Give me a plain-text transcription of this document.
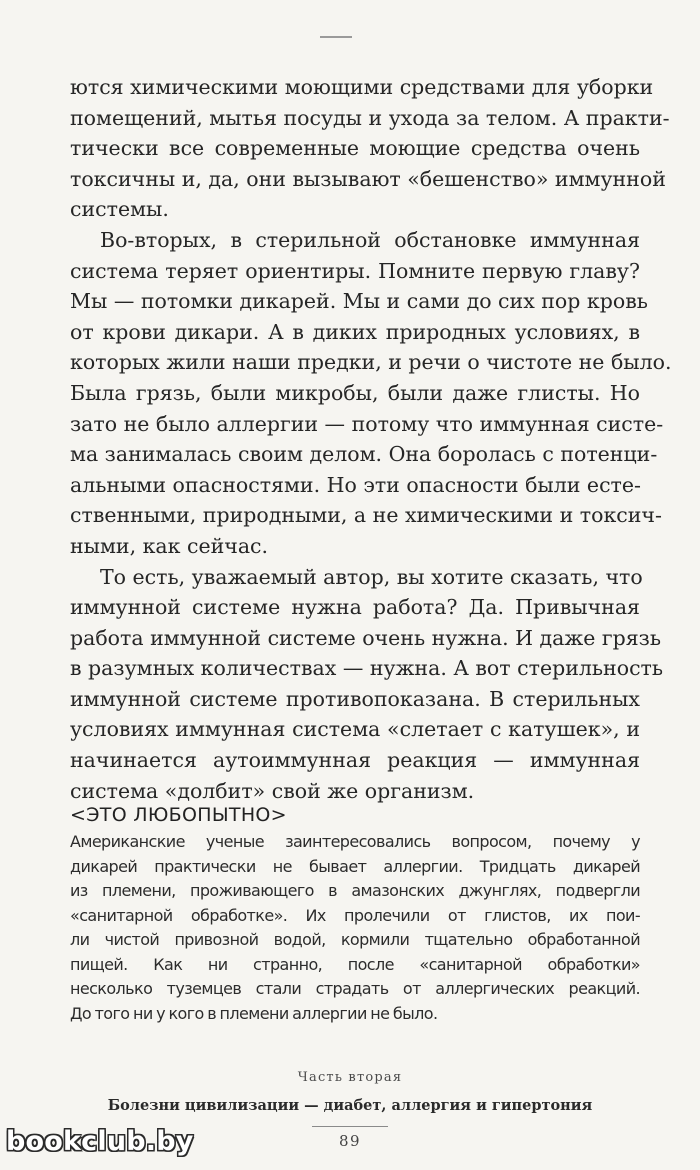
ются химическими моющими средствами для уборки
помещений, мытья посуды и ухода за телом. А практи-
тически все современные моющие средства очень
токсичны и, да, они вызывают «бешенство» иммунной
системы.
Во-вторых, в стерильной обстановке иммунная
система теряет ориентиры. Помните первую главу?
Мы — потомки дикарей. Мы и сами до сих пор кровь
от крови дикари. А в диких природных условиях, в
которых жили наши предки, и речи о чистоте не было.
Была грязь, были микробы, были даже глисты. Но
зато не было аллергии — потому что иммунная систе-
ма занималась своим делом. Она боролась с потенци-
альными опасностями. Но эти опасности были есте-
ственными, природными, а не химическими и токсич-
ными, как сейчас.
То есть, уважаемый автор, вы хотите сказать, что
иммунной системе нужна работа? Да. Привычная
работа иммунной системе очень нужна. И даже грязь
в разумных количествах — нужна. А вот стерильность
иммунной системе противопоказана. В стерильных
условиях иммунная система «слетает с катушек», и
начинается аутоиммунная реакция — иммунная
система «долбит» свой же организм.
<ЭТО ЛЮБОПЫТНО>
Американские ученые заинтересовались вопросом, почему у
дикарей практически не бывает аллергии. Тридцать дикарей
из племени, проживающего в амазонских джунглях, подвергли
«санитарной обработке». Их пролечили от глистов, их пои-
ли чистой привозной водой, кормили тщательно обработанной
пищей. Как ни странно, после «санитарной обработки»
несколько туземцев стали страдать от аллергических реакций.
До того ни у кого в племени аллергии не было.
Часть вторая
Болезни цивилизации — диабет, аллергия и гипертония
89
bookclub.by
